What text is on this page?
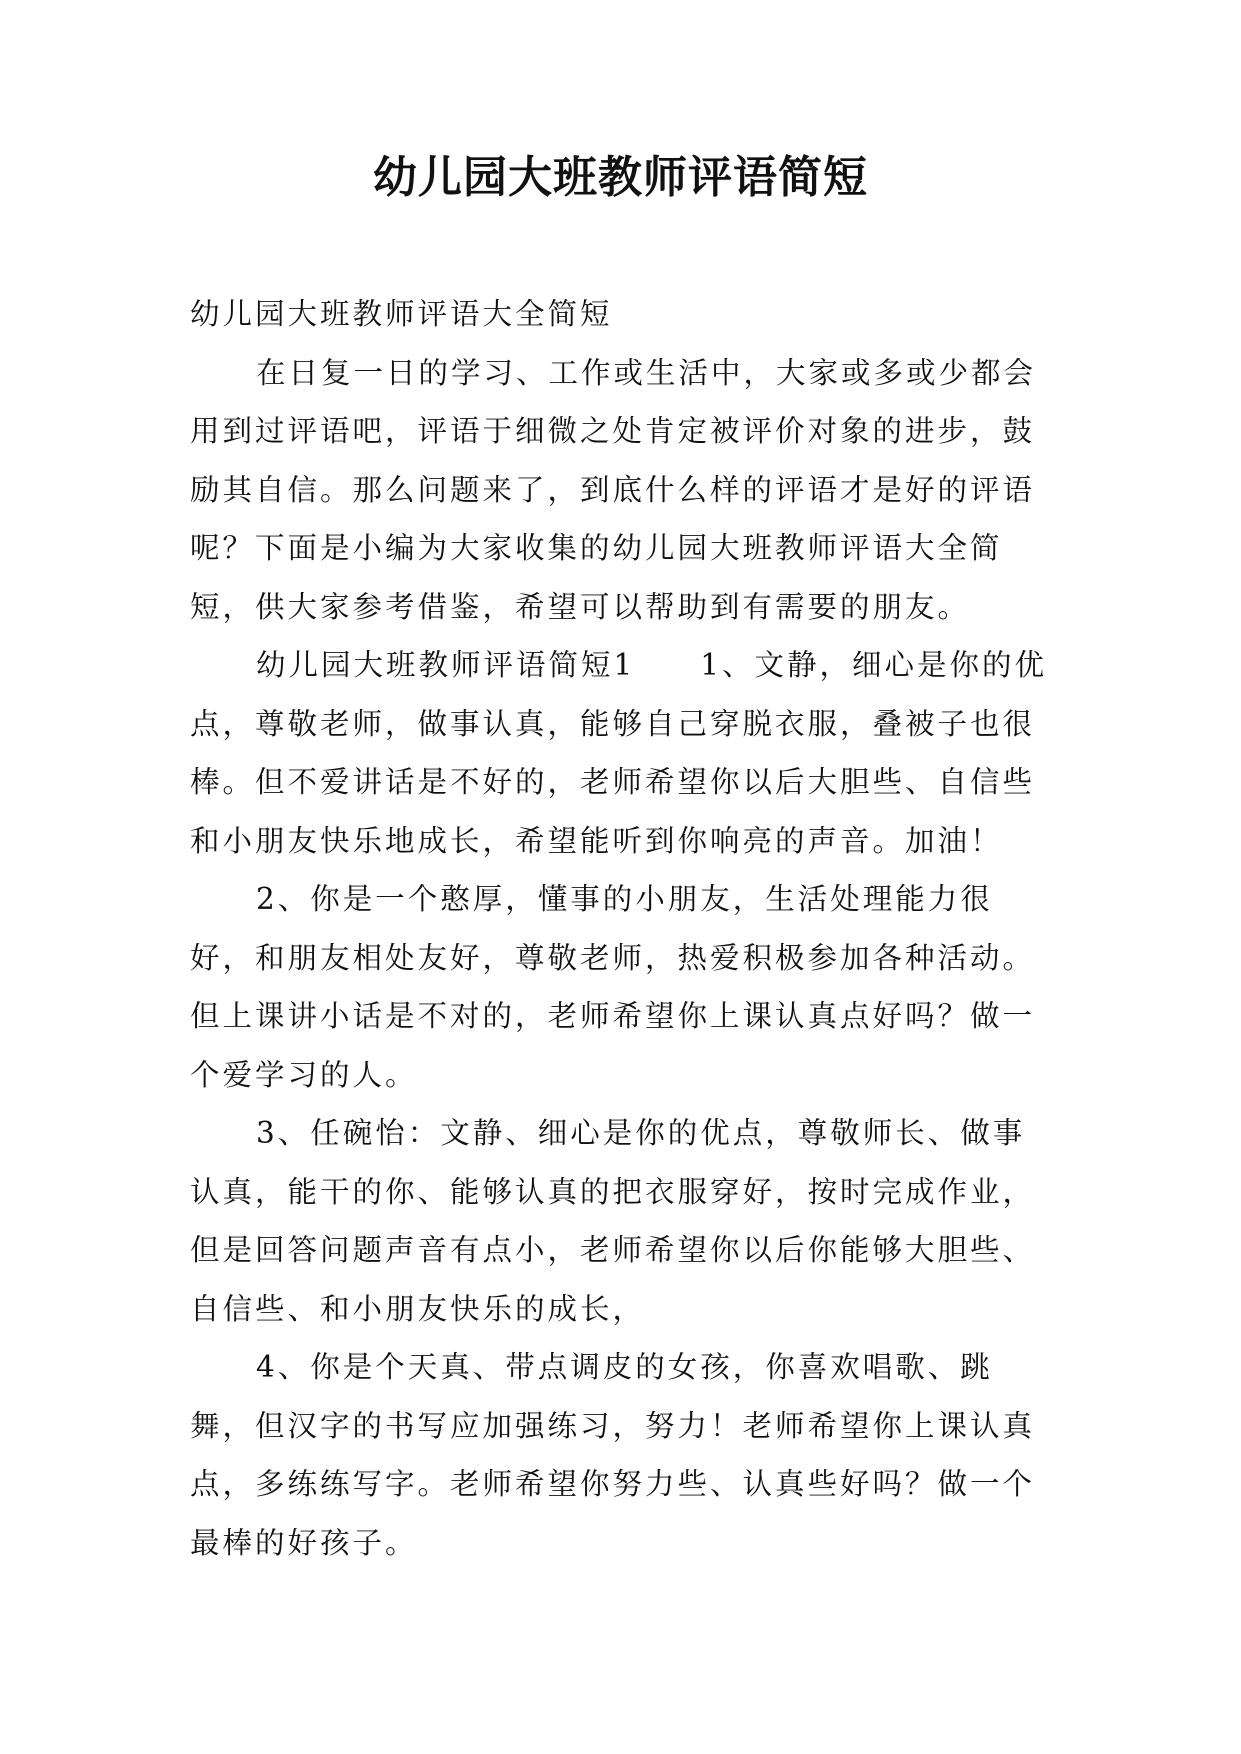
幼儿园大班教师评语简短

幼儿园大班教师评语大全简短

在日复一日的学习、工作或生活中，大家或多或少都会用到过评语吧，评语于细微之处肯定被评价对象的进步，鼓励其自信。那么问题来了，到底什么样的评语才是好的评语呢？下面是小编为大家收集的幼儿园大班教师评语大全简短，供大家参考借鉴，希望可以帮助到有需要的朋友。

幼儿园大班教师评语简短1　　1、文静，细心是你的优点，尊敬老师，做事认真，能够自己穿脱衣服，叠被子也很棒。但不爱讲话是不好的，老师希望你以后大胆些、自信些和小朋友快乐地成长，希望能听到你响亮的声音。加油！

2、你是一个憨厚，懂事的小朋友，生活处理能力很好，和朋友相处友好，尊敬老师，热爱积极参加各种活动。但上课讲小话是不对的，老师希望你上课认真点好吗？做一个爱学习的人。

3、任碗怡：文静、细心是你的优点，尊敬师长、做事认真，能干的你、能够认真的把衣服穿好，按时完成作业，但是回答问题声音有点小，老师希望你以后你能够大胆些、自信些、和小朋友快乐的成长，

4、你是个天真、带点调皮的女孩，你喜欢唱歌、跳舞，但汉字的书写应加强练习，努力！老师希望你上课认真点，多练练写字。老师希望你努力些、认真些好吗？做一个最棒的好孩子。
